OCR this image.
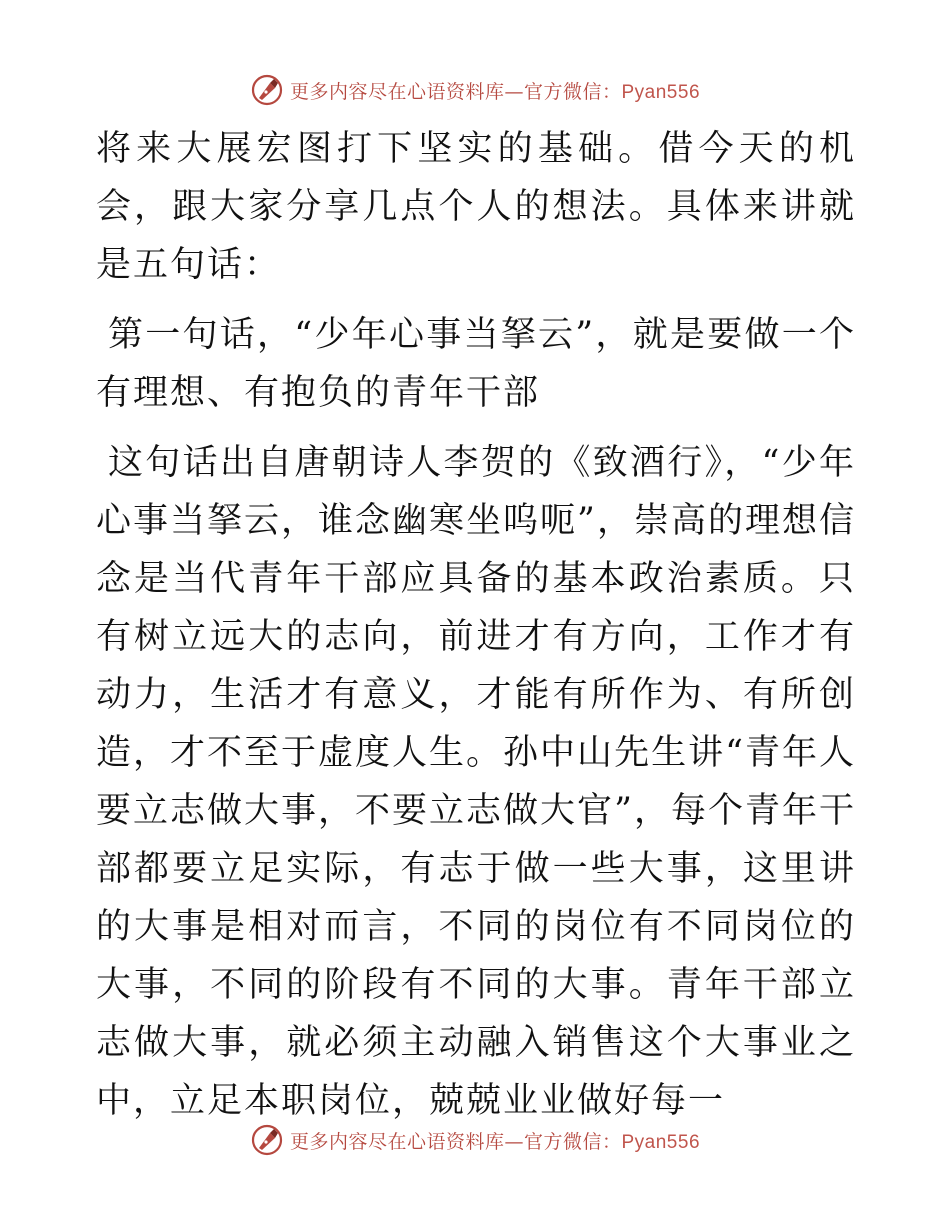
更多内容尽在心语资料库—官方微信：Pyan556

将来大展宏图打下坚实的基础。借今天的机会，跟大家分享几点个人的想法。具体来讲就是五句话：

第一句话，“少年心事当拏云”，就是要做一个有理想、有抱负的青年干部

这句话出自唐朝诗人李贺的《致酒行》，“少年心事当拏云，谁念幽寒坐呜呃”，崇高的理想信念是当代青年干部应具备的基本政治素质。只有树立远大的志向，前进才有方向，工作才有动力，生活才有意义，才能有所作为、有所创造，才不至于虚度人生。孙中山先生讲“青年人要立志做大事，不要立志做大官”，每个青年干部都要立足实际，有志于做一些大事，这里讲的大事是相对而言，不同的岗位有不同岗位的大事，不同的阶段有不同的大事。青年干部立志做大事，就必须主动融入销售这个大事业之中，立足本职岗位，兢兢业业做好每一

更多内容尽在心语资料库—官方微信：Pyan556
